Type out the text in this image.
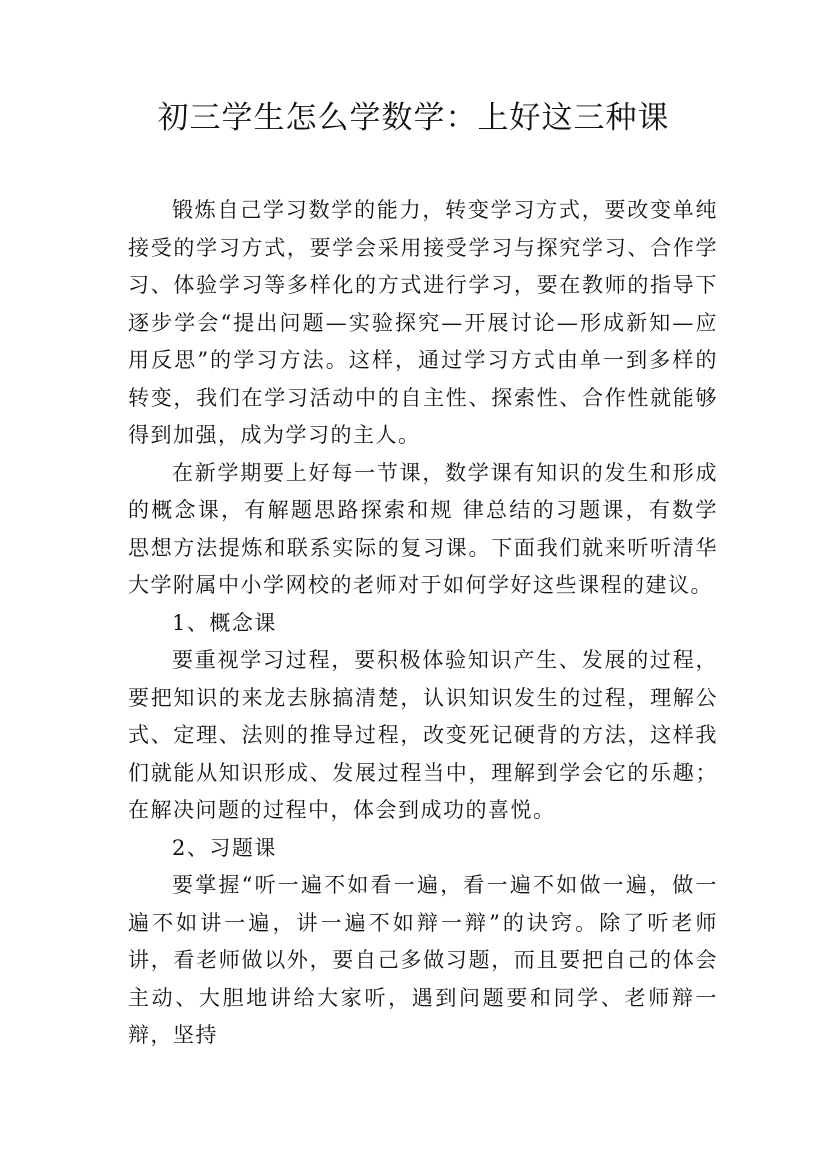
初三学生怎么学数学：上好这三种课

锻炼自己学习数学的能力，转变学习方式，要改变单纯接受的学习方式，要学会采用接受学习与探究学习、合作学习、体验学习等多样化的方式进行学习，要在教师的指导下逐步学会“提出问题—实验探究—开展讨论—形成新知—应用反思”的学习方法。这样，通过学习方式由单一到多样的转变，我们在学习活动中的自主性、探索性、合作性就能够得到加强，成为学习的主人。

在新学期要上好每一节课，数学课有知识的发生和形成的概念课，有解题思路探索和规 律总结的习题课，有数学思想方法提炼和联系实际的复习课。下面我们就来听听清华大学附属中小学网校的老师对于如何学好这些课程的建议。

1、概念课

要重视学习过程，要积极体验知识产生、发展的过程，要把知识的来龙去脉搞清楚，认识知识发生的过程，理解公式、定理、法则的推导过程，改变死记硬背的方法，这样我们就能从知识形成、发展过程当中，理解到学会它的乐趣；在解决问题的过程中，体会到成功的喜悦。

2、习题课

要掌握“听一遍不如看一遍，看一遍不如做一遍，做一遍不如讲一遍，讲一遍不如辩一辩”的诀窍。除了听老师讲，看老师做以外，要自己多做习题，而且要把自己的体会主动、大胆地讲给大家听，遇到问题要和同学、老师辩一辩，坚持
